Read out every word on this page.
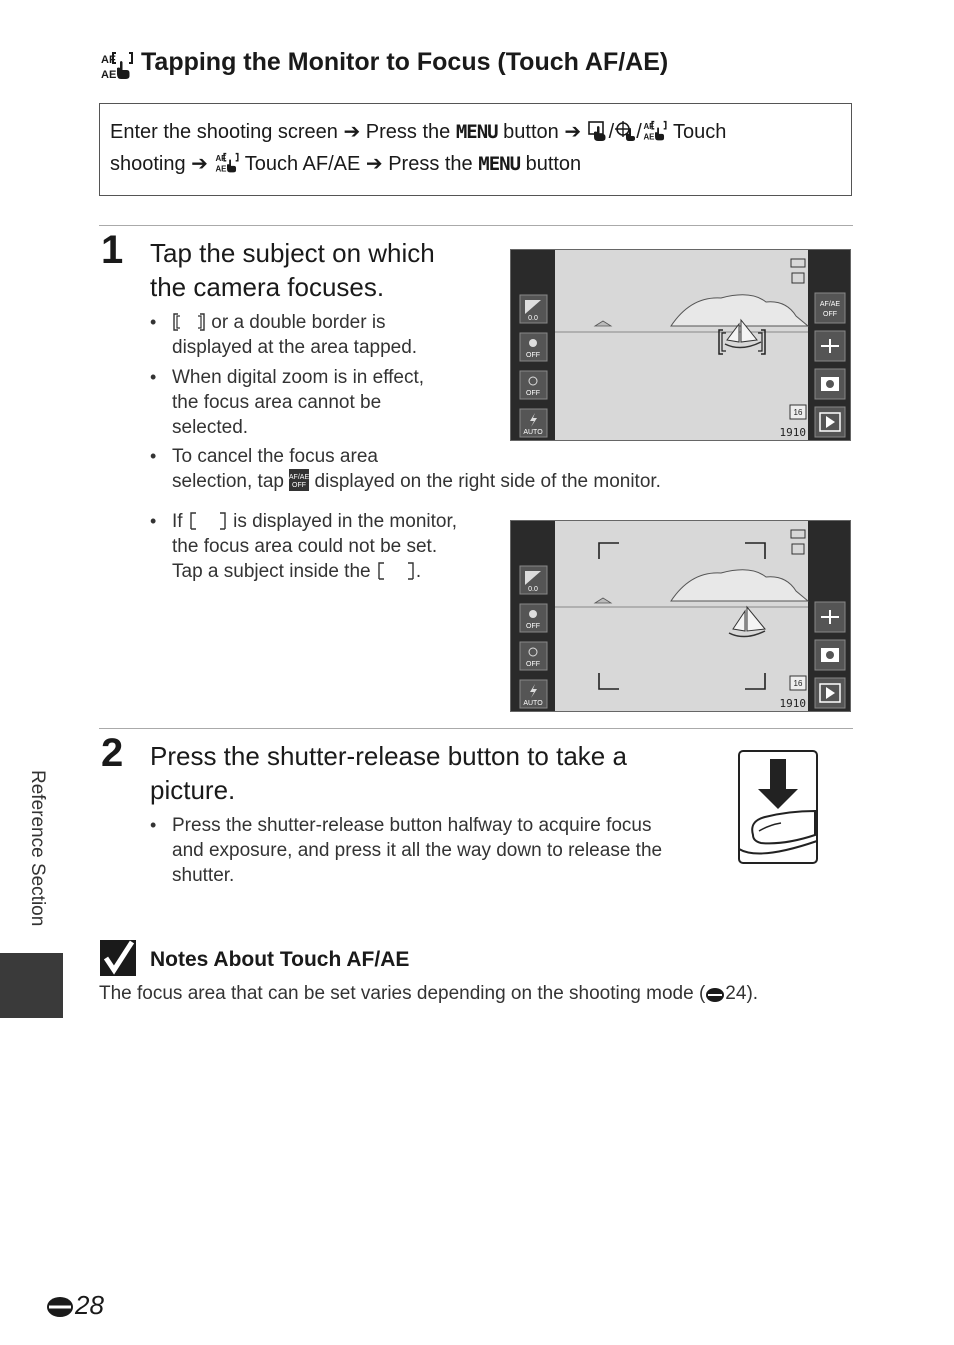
AF
AE Tapping the Monitor to Focus (Touch AF/AE)
Enter the shooting screen ➔ Press the MENU button ➔ / / AF
AE Touch
shooting ➔ AF
AE Touch AF/AE ➔ Press the MENU button
1 Tap the subject on which
the camera focuses.
•	or a double border is
displayed at the area tapped.
• When digital zoom is in effect,
the focus area cannot be
selected.
• To cancel the focus area
selection, tap AF/AE
OFF displayed on the right side of the monitor.
• If  is displayed in the monitor,
the focus area could not be set.
Tap a subject inside the .
0.0
OFF
OFF
AUTO
AF/AE
OFF
16
1910
0.0
OFF
OFF
AUTO
16
1910
2 Press the shutter-release button to take a
picture.
• Press the shutter-release button halfway to acquire focus
and exposure, and press it all the way down to release the
shutter.
Notes About Touch AF/AE
The focus area that can be set varies depending on the shooting mode ( 24).
Reference Section
28
